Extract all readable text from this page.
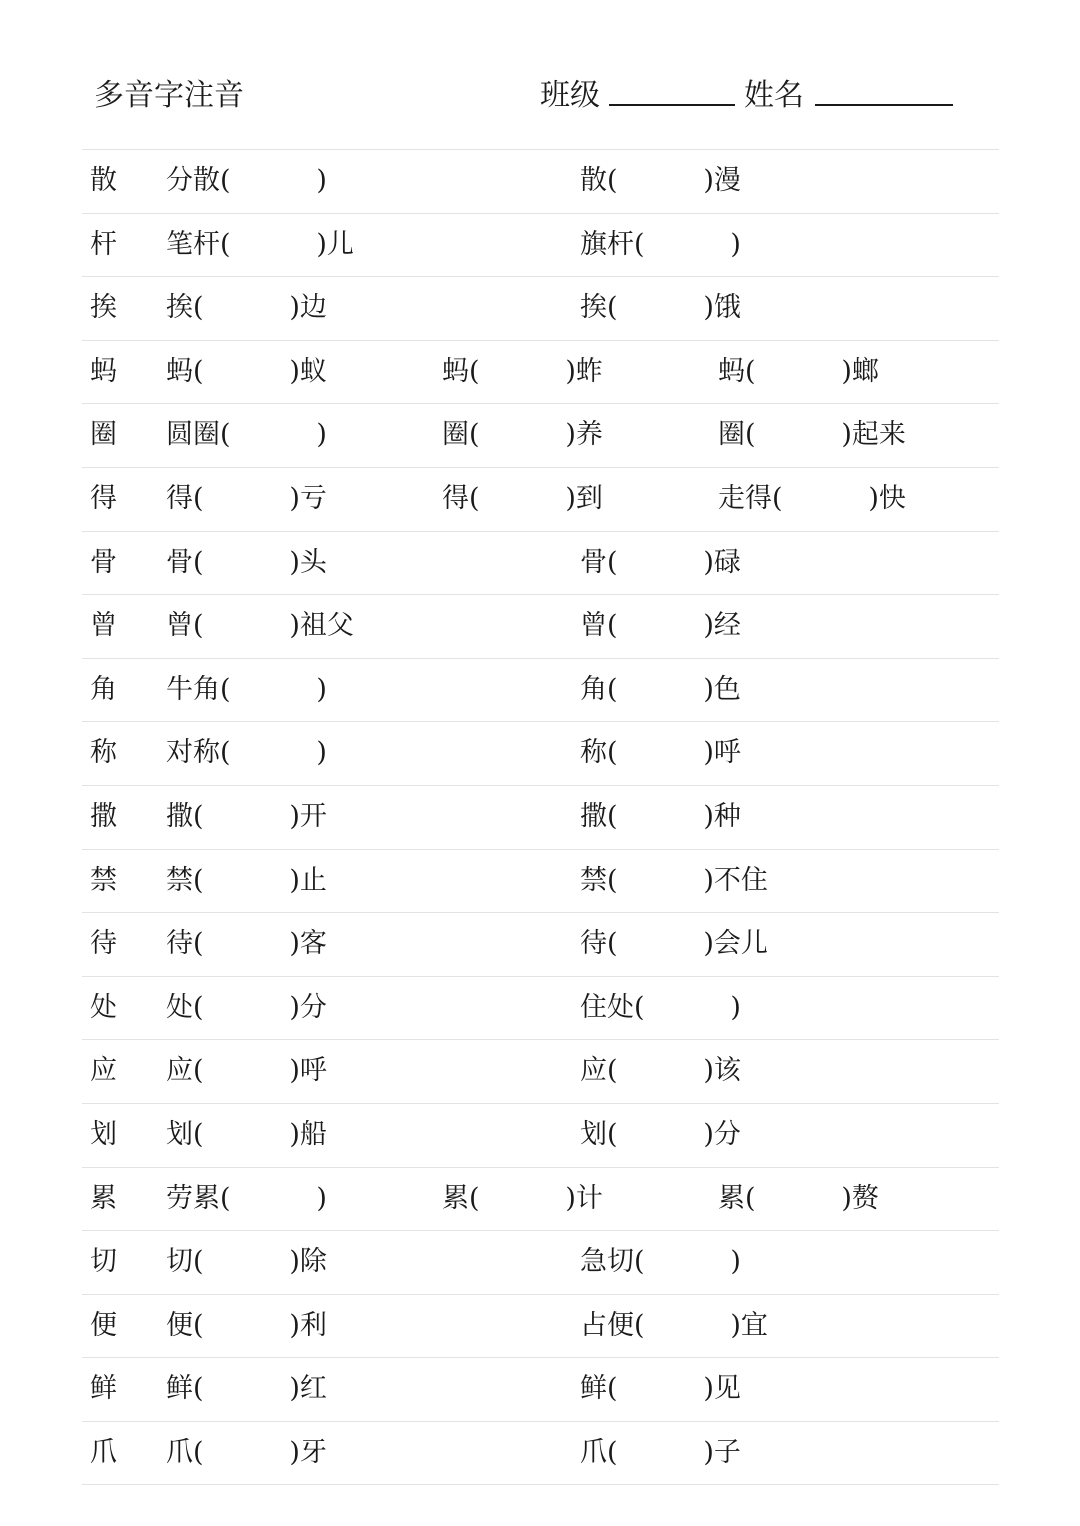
多音字注音	班级	姓名
散 分散(          )	散(          )漫
杆 笔杆(          )儿	旗杆(          )
挨 挨(          )边	挨(          )饿
蚂 蚂(          )蚁	蚂(          )蚱	蚂(          )螂
圈 圆圈(          )	圈(          )养	圈(          )起来
得 得(          )亏	得(          )到	走得(          )快
骨 骨(          )头	骨(          )碌
曾 曾(          )祖父	曾(          )经
角 牛角(          )	角(          )色
称 对称(          )	称(          )呼
撒 撒(          )开	撒(          )种
禁 禁(          )止	禁(          )不住
待 待(          )客	待(          )会儿
处 处(          )分	住处(          )
应 应(          )呼	应(          )该
划 划(          )船	划(          )分
累 劳累(          )	累(          )计	累(          )赘
切 切(          )除	急切(          )
便 便(          )利	占便(          )宜
鲜 鲜(          )红	鲜(          )见
爪 爪(          )牙	爪(          )子
